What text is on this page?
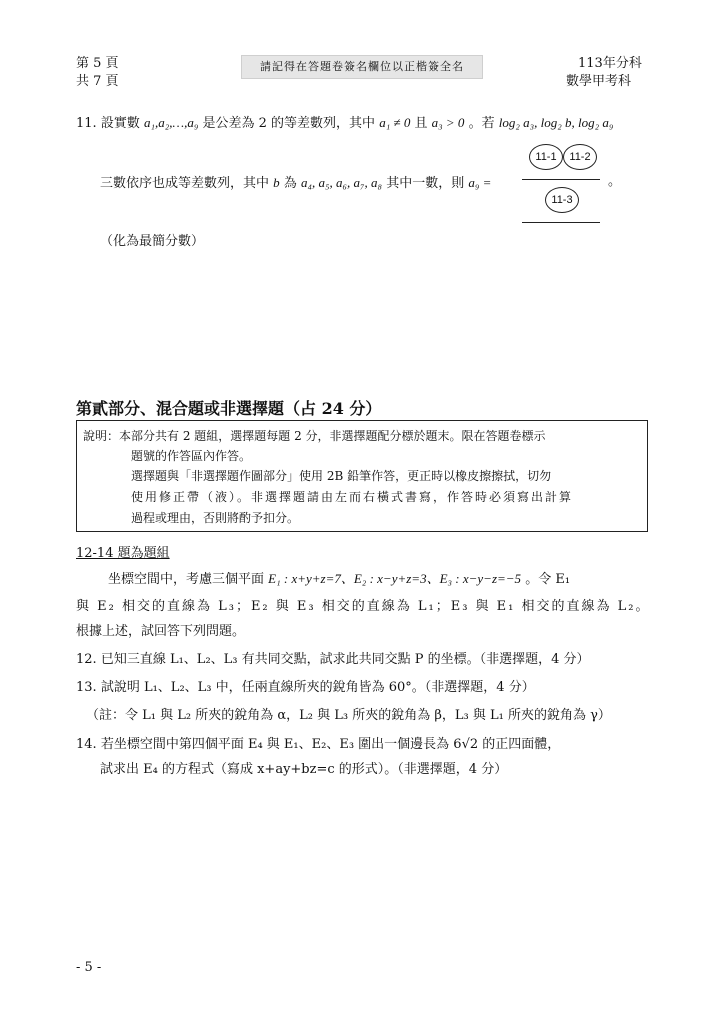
第 5 頁
共 7 頁
請記得在答題卷簽名欄位以正楷簽全名	113年分科
數學甲考科
11. 設實數 a₁,a₂,…,a₉ 是公差為 2 的等差數列，其中 a₁ ≠ 0 且 a₃ > 0 。若 log₂ a₃, log₂ b, log₂ a₉
三數依序也成等差數列，其中 b 為 a₄, a₅, a₆, a₇, a₈ 其中一數，則 a₉ =
11-1	11-2
。
11-3
（化為最簡分數）
第貳部分、混合題或非選擇題（占 24 分）
說明：本部分共有 2 題組，選擇題每題 2 分，非選擇題配分標於題末。限在答題卷標示
題號的作答區內作答。
選擇題與「非選擇題作圖部分」使用 2B 鉛筆作答，更正時以橡皮擦擦拭，切勿
使用修正帶（液）。非選擇題請由左而右橫式書寫，作答時必須寫出計算
過程或理由，否則將酌予扣分。
12-14 題為題組
坐標空間中，考慮三個平面 E₁ : x+y+z=7、E₂ : x−y+z=3、E₃ : x−y−z=−5 。令 E₁
與 E₂ 相交的直線為 L₃；E₂ 與 E₃ 相交的直線為 L₁；E₃ 與 E₁ 相交的直線為 L₂。
根據上述，試回答下列問題。
12. 已知三直線 L₁、L₂、L₃ 有共同交點，試求此共同交點 P 的坐標。（非選擇題，4 分）
13. 試說明 L₁、L₂、L₃ 中，任兩直線所夾的銳角皆為 60°。（非選擇題，4 分）
（註：令 L₁ 與 L₂ 所夾的銳角為 α，L₂ 與 L₃ 所夾的銳角為 β，L₃ 與 L₁ 所夾的銳角為 γ）
14. 若坐標空間中第四個平面 E₄ 與 E₁、E₂、E₃ 圍出一個邊長為 6√2 的正四面體，
試求出 E₄ 的方程式（寫成 x+ay+bz=c 的形式）。（非選擇題，4 分）
- 5 -
